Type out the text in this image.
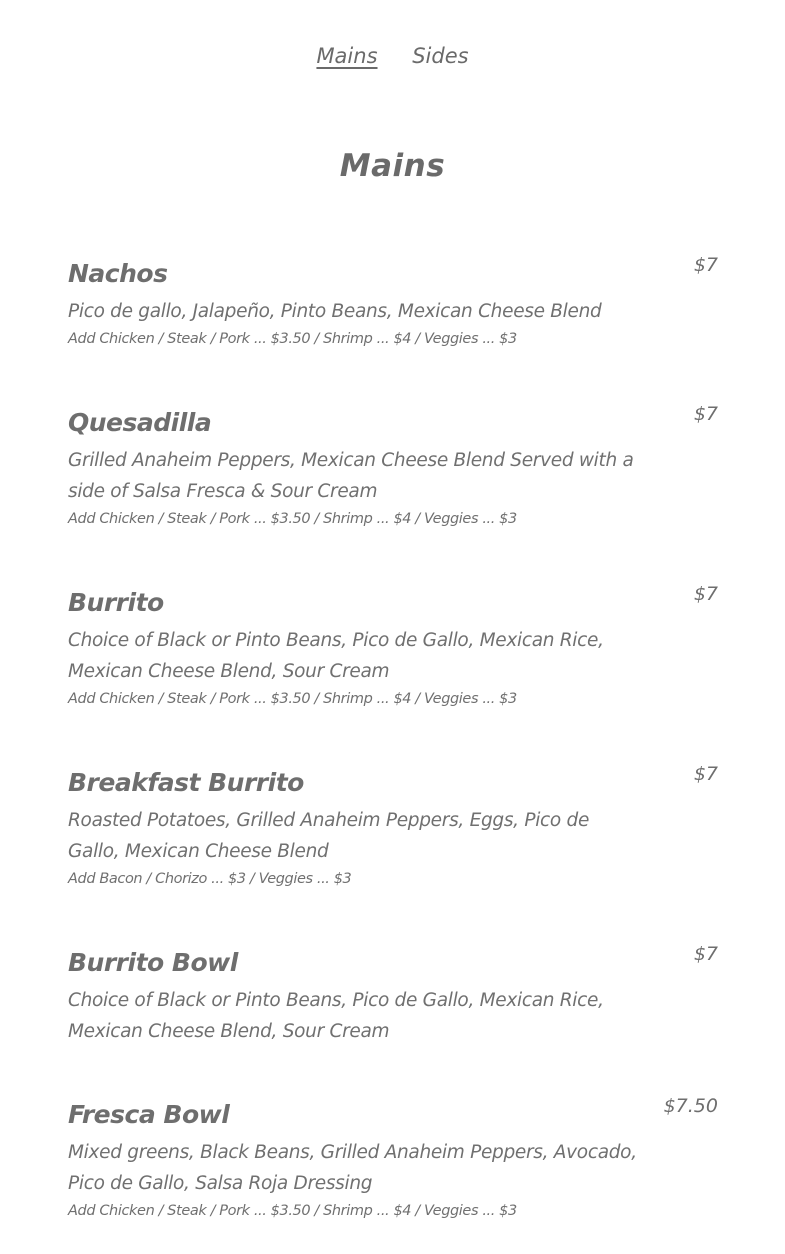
Mains Sides
Mains
Nachos	$7
Pico de gallo, Jalapeño, Pinto Beans, Mexican Cheese Blend
Add Chicken / Steak / Pork ... $3.50 / Shrimp ... $4 / Veggies ... $3
Quesadilla	$7
Grilled Anaheim Peppers, Mexican Cheese Blend Served with a side of Salsa Fresca & Sour Cream
Add Chicken / Steak / Pork ... $3.50 / Shrimp ... $4 / Veggies ... $3
Burrito	$7
Choice of Black or Pinto Beans, Pico de Gallo, Mexican Rice, Mexican Cheese Blend, Sour Cream
Add Chicken / Steak / Pork ... $3.50 / Shrimp ... $4 / Veggies ... $3
Breakfast Burrito	$7
Roasted Potatoes, Grilled Anaheim Peppers, Eggs, Pico de Gallo, Mexican Cheese Blend
Add Bacon / Chorizo ... $3 / Veggies ... $3
Burrito Bowl	$7
Choice of Black or Pinto Beans, Pico de Gallo, Mexican Rice, Mexican Cheese Blend, Sour Cream
Fresca Bowl	$7.50
Mixed greens, Black Beans, Grilled Anaheim Peppers, Avocado, Pico de Gallo, Salsa Roja Dressing
Add Chicken / Steak / Pork ... $3.50 / Shrimp ... $4 / Veggies ... $3
